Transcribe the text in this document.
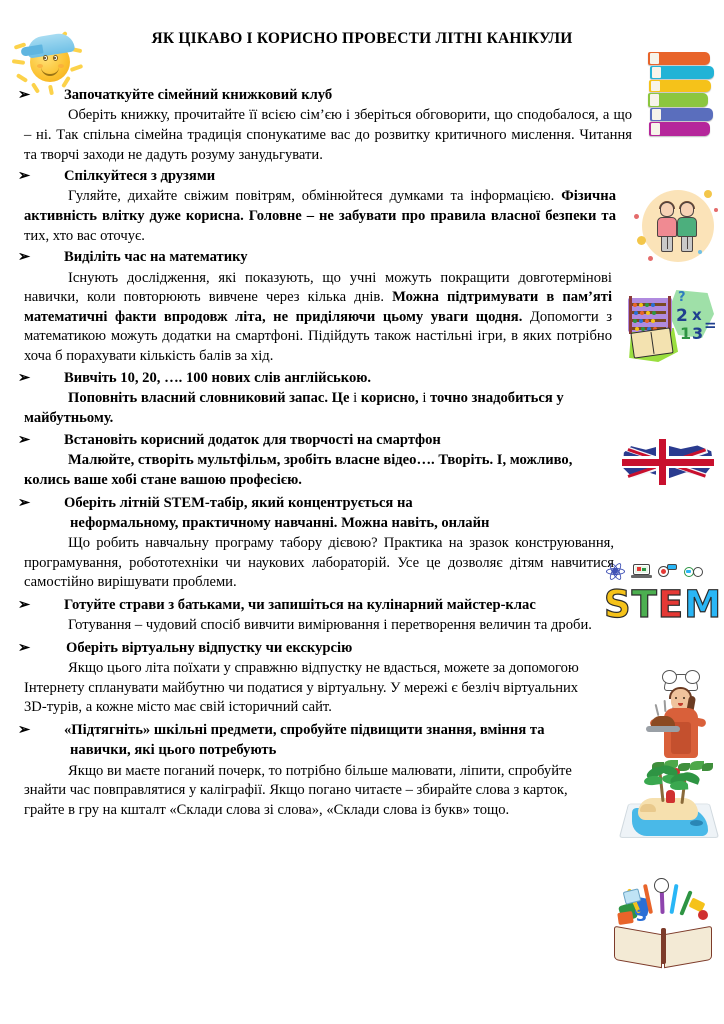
ЯК ЦІКАВО І КОРИСНО ПРОВЕСТИ ЛІТНІ КАНІКУЛИ
?
2 x
1 3 =
STEM
3
➢ Започаткуйте сімейний книжковий клуб

Оберіть книжку, прочитайте її всією сім’єю і зберіться обговорити, що сподобалося, а що – ні. Так спільна сімейна традиція спонукатиме вас до розвитку критичного мислення. Читання та творчі заходи не дадуть розуму занудьгувати.

➢ Спілкуйтеся з друзями

Гуляйте, дихайте свіжим повітрям, обмінюйтеся думками та інформацією. Фізична активність влітку дуже корисна. Головне – не забувати про правила власної безпеки та тих, хто вас оточує.

➢ Виділіть час на математику

Існують дослідження, які показують, що учні можуть покращити довготермінові навички, коли повторюють вивчене через кілька днів. Можна підтримувати в пам’яті математичні факти впродовж літа, не приділяючи цьому уваги щодня. Допомогти з математикою можуть додатки на смартфоні. Підійдуть також настільні ігри, в яких потрібно хоча б порахувати кількість балів за хід.

➢ Вивчіть 10, 20, …. 100 нових слів англійською.

Поповніть власний словниковий запас. Це і корисно, і точно знадобиться у майбутньому.

➢ Встановіть корисний додаток для творчості на смартфон

Малюйте, створіть мультфільм, зробіть власне відео…. Творіть. І, можливо, колись ваше хобі стане вашою професією.

➢ Оберіть літній STEM-табір, який концентрується на
неформальному, практичному навчанні. Можна навіть, онлайн

Що робить навчальну програму табору дієвою? Практика на зразок конструювання, програмування, робототехніки чи наукових лабораторій. Усе це дозволяє дітям навчитися самостійно вирішувати проблеми.

➢ Готуйте страви з батьками, чи запишіться на кулінарний майстер-клас

Готування – чудовий спосіб вивчити вимірювання і перетворення величин та дроби.

➢ Оберіть віртуальну відпустку чи екскурсію

Якщо цього літа поїхати у справжню відпустку не вдасться, можете за допомогою Інтернету спланувати майбутню чи податися у віртуальну. У мережі є безліч віртуальних 3D-турів, а кожне місто має свій історичний сайт.

➢ «Підтягніть» шкільні предмети, спробуйте підвищити знання, вміння та
навички, які цього потребують

Якщо ви маєте поганий почерк, то потрібно більше малювати, ліпити, спробуйте знайти час повправлятися у каліграфії. Якщо погано читаєте – збирайте слова з карток, грайте в гру на кшталт «Склади слова зі слова», «Склади слова із букв» тощо.
